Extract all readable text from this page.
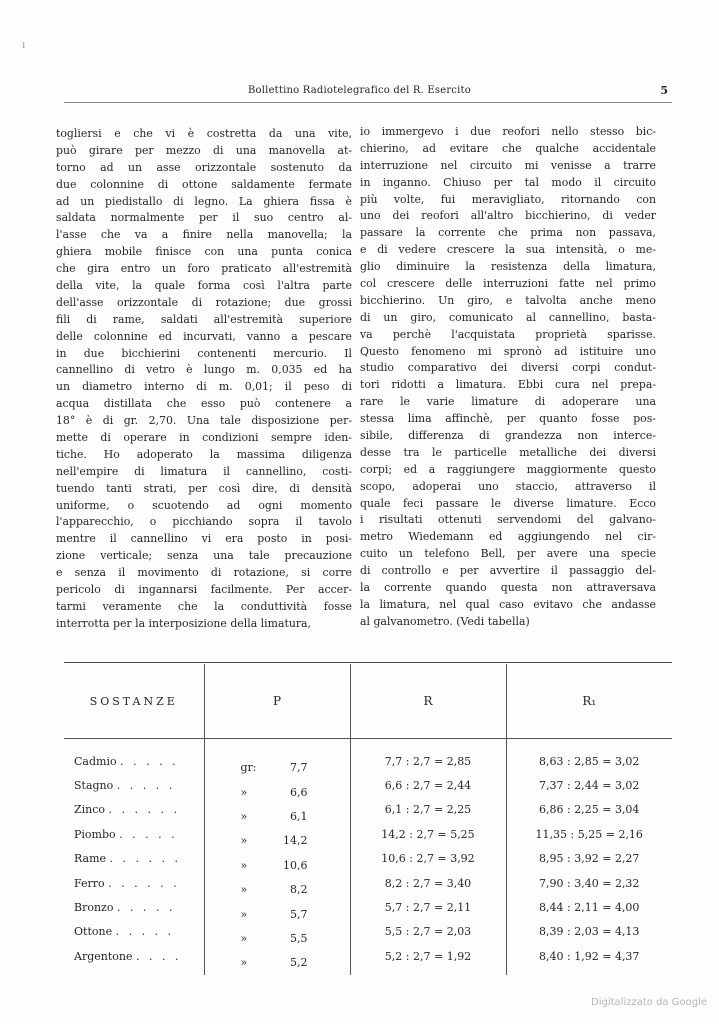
ı
Bollettino Radiotelegrafico del R. Esercito	5
togliersi e che vi è costretta da una vite,
può girare per mezzo di una manovella at-
torno ad un asse orizzontale sostenuto da
due colonnine di ottone saldamente fermate
ad un piedistallo di legno. La ghiera fissa è
saldata normalmente per il suo centro al-
l'asse che va a finire nella manovella; la
ghiera mobile finisce con una punta conica
che gira entro un foro praticato all'estremità
della vite, la quale forma così l'altra parte
dell'asse orizzontale di rotazione; due grossi
fili di rame, saldati all'estremità superiore
delle colonnine ed incurvati, vanno a pescare
in due bicchierini contenenti mercurio. Il
cannellino di vetro è lungo m. 0,035 ed ha
un diametro interno di m. 0,01; il peso di
acqua distillata che esso può contenere a
18° è di gr. 2,70. Una tale disposizione per-
mette di operare in condizioni sempre iden-
tiche. Ho adoperato la massima diligenza
nell'empire di limatura il cannellino, costi-
tuendo tanti strati, per così dire, di densità
uniforme, o scuotendo ad ogni momento
l'apparecchio, o picchiando sopra il tavolo
mentre il cannellino vi era posto in posi-
zione verticale; senza una tale precauzione
e senza il movimento di rotazione, si corre
pericolo di ingannarsi facilmente. Per accer-
tarmi veramente che la conduttività fosse
interrotta per la interposizione della limatura,
io immergevo i due reofori nello stesso bic-
chierino, ad evitare che qualche accidentale
interruzione nel circuito mi venisse a trarre
in inganno. Chiuso per tal modo il circuito
più volte, fui meravigliato, ritornando con
uno dei reofori all'altro bicchierino, di veder
passare la corrente che prima non passava,
e di vedere crescere la sua intensità, o me-
glio diminuire la resistenza della limatura,
col crescere delle interruzioni fatte nel primo
bicchierino. Un giro, e talvolta anche meno
di un giro, comunicato al cannellino, basta-
va perchè l'acquistata proprietà sparisse.
Questo fenomeno mi spronò ad istituire uno
studio comparativo dei diversi corpi condut-
tori ridotti a limatura. Ebbi cura nel prepa-
rare le varie limature di adoperare una
stessa lima affinchè, per quanto fosse pos-
sibile, differenza di grandezza non interce-
desse tra le particelle metalliche dei diversi
corpi; ed a raggiungere maggiormente questo
scopo, adoperai uno staccio, attraverso il
quale feci passare le diverse limature. Ecco
i risultati ottenuti servendomi del galvano-
metro Wiedemann ed aggiungendo nel cir-
cuito un telefono Bell, per avere una specie
di controllo e per avvertire il passaggio del-
la corrente quando questa non attraversava
la limatura, nel qual caso evitavo che andasse
al galvanometro. (Vedi tabella)
SOSTANZE	P	R	R₁
Cadmio . . . . .	gr: 7,7	7,7 : 2,7 = 2,85	8,63 : 2,85 = 3,02
Stagno . . . . .	» 6,6	6,6 : 2,7 = 2,44	7,37 : 2,44 = 3,02
Zinco . . . . . .	» 6,1	6,1 : 2,7 = 2,25	6,86 : 2,25 = 3,04
Piombo . . . . .	» 14,2	14,2 : 2,7 = 5,25	11,35 : 5,25 = 2,16
Rame . . . . . .	» 10,6	10,6 : 2,7 = 3,92	8,95 : 3,92 = 2,27
Ferro . . . . . .	» 8,2	8,2 : 2,7 = 3,40	7,90 : 3,40 = 2,32
Bronzo . . . . .	» 5,7	5,7 : 2,7 = 2,11	8,44 : 2,11 = 4,00
Ottone . . . . .	» 5,5	5,5 : 2,7 = 2,03	8,39 : 2,03 = 4,13
Argentone . . . .	» 5,2	5,2 : 2,7 = 1,92	8,40 : 1,92 = 4,37
Digitalizzato da Google
